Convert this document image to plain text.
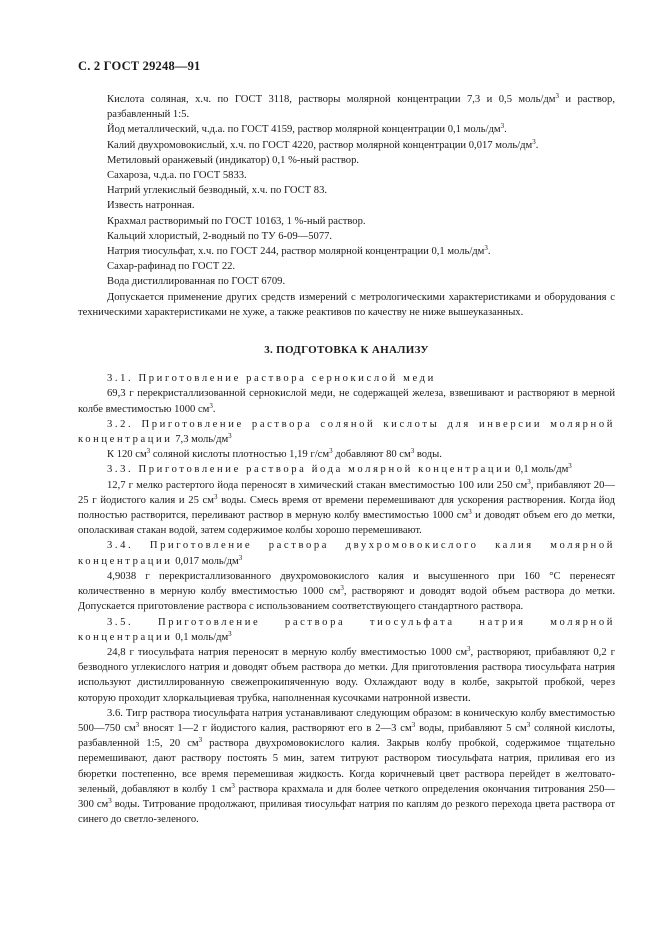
С. 2 ГОСТ 29248—91

Кислота соляная, х.ч. по ГОСТ 3118, растворы молярной концентрации 7,3 и 0,5 моль/$дм^3$ и раствор, разбавленный 1:5.

Йод металлический, ч.д.а. по ГОСТ 4159, раствор молярной концентрации 0,1 моль/$дм^3$.

Калий двухромовокислый, х.ч. по ГОСТ 4220, раствор молярной концентрации 0,017 моль/$дм^3$.

Метиловый оранжевый (индикатор) 0,1 %-ный раствор.

Сахароза, ч.д.а. по ГОСТ 5833.

Натрий углекислый безводный, х.ч. по ГОСТ 83.

Известь натронная.

Крахмал растворимый по ГОСТ 10163, 1 %-ный раствор.

Кальций хлористый, 2-водный по ТУ 6-09—5077.

Натрия тиосульфат, х.ч. по ГОСТ 244, раствор молярной концентрации 0,1 моль/$дм^3$.

Сахар-рафинад по ГОСТ 22.

Вода дистиллированная по ГОСТ 6709.

Допускается применение других средств измерений с метрологическими характеристиками и оборудования с техническими характеристиками не хуже, а также реактивов по качеству не ниже вышеуказанных.

3. ПОДГОТОВКА К АНАЛИЗУ

3.1. Приготовление раствора сернокислой меди

69,3 г перекристаллизованной сернокислой меди, не содержащей железа, взвешивают и растворяют в мерной колбе вместимостью 1000 $см^3$.

3.2. Приготовление раствора соляной кислоты для инверсии молярной концентрации 7,3 моль/$дм^3$

К 120 $см^3$ соляной кислоты плотностью 1,19 $г/см^3$ добавляют 80 $см^3$ воды.

3.3. Приготовление раствора йода молярной концентрации 0,1 моль/$дм^3$

12,7 г мелко растертого йода переносят в химический стакан вместимостью 100 или 250 $см^3$, прибавляют 20—25 г йодистого калия и 25 $см^3$ воды. Смесь время от времени перемешивают для ускорения растворения. Когда йод полностью растворится, переливают раствор в мерную колбу вместимостью 1000 $см^3$ и доводят объем его до метки, ополаскивая стакан водой, затем содержимое колбы хорошо перемешивают.

3.4. Приготовление раствора двухромовокислого калия молярной концентрации 0,017 моль/$дм^3$

4,9038 г перекристаллизованного двухромовокислого калия и высушенного при 160 °С перенесят количественно в мерную колбу вместимостью 1000 $см^3$, растворяют и доводят водой объем раствора до метки. Допускается приготовление раствора с использованием соответствующего стандартного раствора.

3.5. Приготовление раствора тиосульфата натрия молярной концентрации 0,1 моль/$дм^3$

24,8 г тиосульфата натрия переносят в мерную колбу вместимостью 1000 $см^3$, растворяют, прибавляют 0,2 г безводного углекислого натрия и доводят объем раствора до метки. Для приготовления раствора тиосульфата натрия используют дистиллированную свежепрокипяченную воду. Охлаждают воду в колбе, закрытой пробкой, через которую проходит хлоркальциевая трубка, наполненная кусочками натронной извести.

3.6. Тигр раствора тиосульфата натрия устанавливают следующим образом: в коническую колбу вместимостью 500—750 $см^3$ вносят 1—2 г йодистого калия, растворяют его в 2—3 $см^3$ воды, прибавляют 5 $см^3$ соляной кислоты, разбавленной 1:5, 20 $см^3$ раствора двухромовокислого калия. Закрыв колбу пробкой, содержимое тщательно перемешивают, дают раствору постоять 5 мин, затем титруют раствором тиосульфата натрия, приливая его из бюретки постепенно, все время перемешивая жидкость. Когда коричневый цвет раствора перейдет в желтовато-зеленый, добавляют в колбу 1 $см^3$ раствора крахмала и для более четкого определения окончания титрования 250—300 $см^3$ воды. Титрование продолжают, приливая тиосульфат натрия по каплям до резкого перехода цвета раствора от синего до светло-зеленого.
